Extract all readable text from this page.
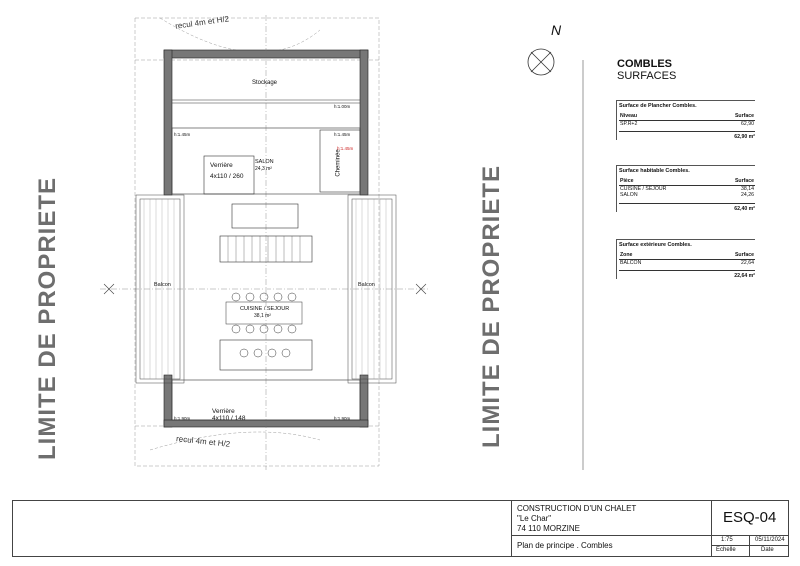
recul 4m et H/2
recul 4m et H/2
Stockage
Verrière
4x110 / 260
SALON
24,3 m²
CUISINE / SEJOUR
38,1 m²
Balcon	Balcon
Cheminée
Verrière
4x110 / 148
h:1.00m
h:1.45m	h:1.45m
h:1.90m	h:1.90m
h:1.45m
LIMITE DE PROPRIETE	LIMITE DE PROPRIETE
N
COMBLES
SURFACES
Surface de Plancher Combles.
Niveau	Surface
SP.R+2	62,90
62,90 m²
Surface habitable Combles.
Pièce	Surface
CUISINE / SEJOUR	38,14
SALON	24,26
62,40 m²
Surface extérieure Combles.
Zone	Surface
BALCON	22,64
22,64 m²
CONSTRUCTION D'UN CHALET
"Le Char"
74 110 MORZINE
Plan de principe . Combles
ESQ-04
1:75	05/11/2024
Echelle	Date
